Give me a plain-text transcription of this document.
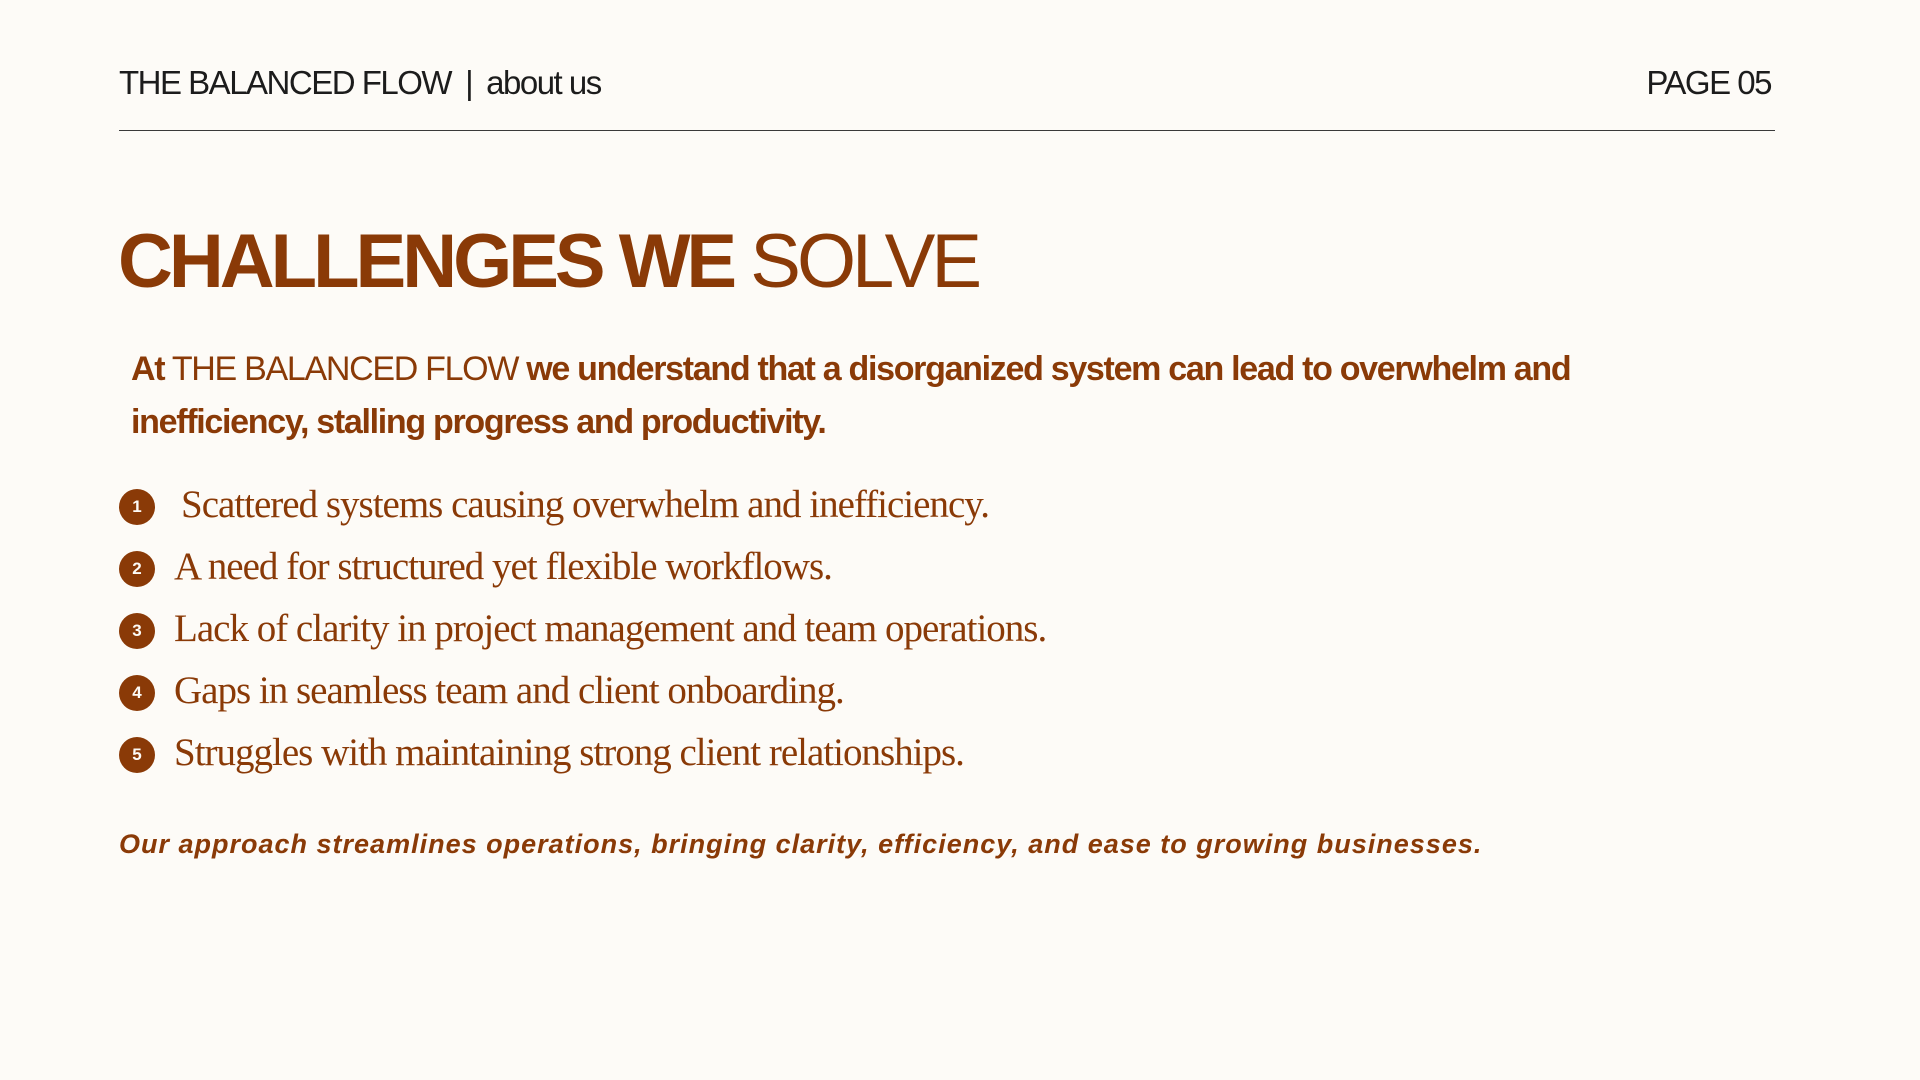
THE BALANCED FLOW | about us	PAGE 05
CHALLENGES WE SOLVE

At THE BALANCED FLOW we understand that a disorganized system can lead to overwhelm and inefficiency, stalling progress and productivity.

1	Scattered systems causing overwhelm and inefficiency.
2 A need for structured yet flexible workflows.
3 Lack of clarity in project management and team operations.
4 Gaps in seamless team and client onboarding.
5 Struggles with maintaining strong client relationships.

Our approach streamlines operations, bringing clarity, efficiency, and ease to growing businesses.
